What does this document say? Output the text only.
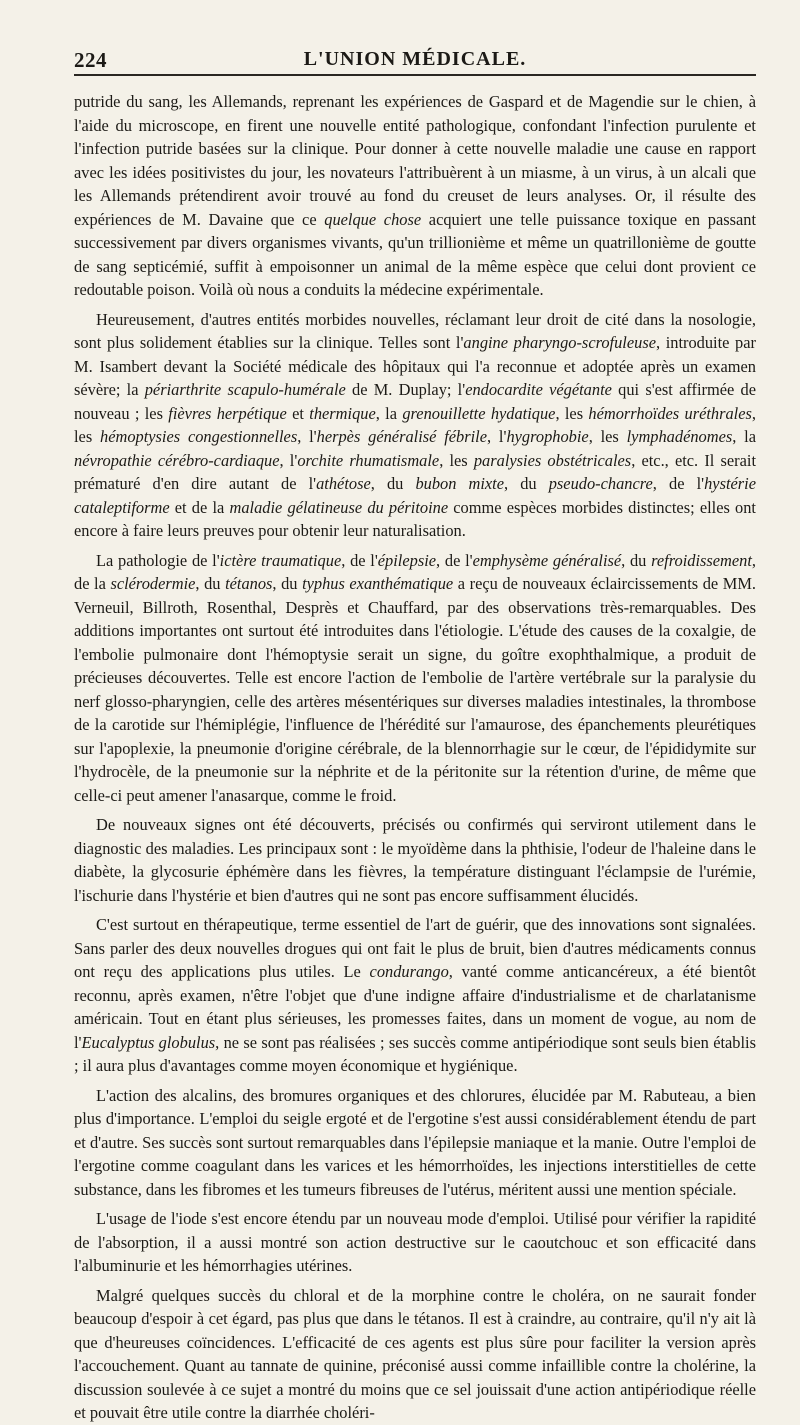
224	L'UNION MÉDICALE.

putride du sang, les Allemands, reprenant les expériences de Gaspard et de Magendie sur le chien, à l'aide du microscope, en firent une nouvelle entité pathologique, confondant l'infection purulente et l'infection putride basées sur la clinique. Pour donner à cette nouvelle maladie une cause en rapport avec les idées positivistes du jour, les novateurs l'attribuèrent à un miasme, à un virus, à un alcali que les Allemands prétendirent avoir trouvé au fond du creuset de leurs analyses. Or, il résulte des expériences de M. Davaine que ce quelque chose acquiert une telle puissance toxique en passant successivement par divers organismes vivants, qu'un trillionième et même un quatrillonième de goutte de sang septicémié, suffit à empoisonner un animal de la même espèce que celui dont provient ce redoutable poison. Voilà où nous a conduits la médecine expérimentale.

Heureusement, d'autres entités morbides nouvelles, réclamant leur droit de cité dans la nosologie, sont plus solidement établies sur la clinique. Telles sont l'angine pharyngo-scrofuleuse, introduite par M. Isambert devant la Société médicale des hôpitaux qui l'a reconnue et adoptée après un examen sévère; la périarthrite scapulo-humérale de M. Duplay; l'endocardite végétante qui s'est affirmée de nouveau ; les fièvres herpétique et thermique, la grenouillette hydatique, les hémorrhoïdes uréthrales, les hémoptysies congestionnelles, l'herpès généralisé fébrile, l'hygrophobie, les lymphadénomes, la névropathie cérébro-cardiaque, l'orchite rhumatismale, les paralysies obstétricales, etc., etc. Il serait prématuré d'en dire autant de l'athétose, du bubon mixte, du pseudo-chancre, de l'hystérie cataleptiforme et de la maladie gélatineuse du péritoine comme espèces morbides distinctes; elles ont encore à faire leurs preuves pour obtenir leur naturalisation.

La pathologie de l'ictère traumatique, de l'épilepsie, de l'emphysème généralisé, du refroidissement, de la sclérodermie, du tétanos, du typhus exanthématique a reçu de nouveaux éclaircissements de MM. Verneuil, Billroth, Rosenthal, Desprès et Chauffard, par des observations très-remarquables. Des additions importantes ont surtout été introduites dans l'étiologie. L'étude des causes de la coxalgie, de l'embolie pulmonaire dont l'hémoptysie serait un signe, du goître exophthalmique, a produit de précieuses découvertes. Telle est encore l'action de l'embolie de l'artère vertébrale sur la paralysie du nerf glosso-pharyngien, celle des artères mésentériques sur diverses maladies intestinales, la thrombose de la carotide sur l'hémiplégie, l'influence de l'hérédité sur l'amaurose, des épanchements pleurétiques sur l'apoplexie, la pneumonie d'origine cérébrale, de la blennorrhagie sur le cœur, de l'épididymite sur l'hydrocèle, de la pneumonie sur la néphrite et de la péritonite sur la rétention d'urine, de même que celle-ci peut amener l'anasarque, comme le froid.

De nouveaux signes ont été découverts, précisés ou confirmés qui serviront utilement dans le diagnostic des maladies. Les principaux sont : le myoïdème dans la phthisie, l'odeur de l'haleine dans le diabète, la glycosurie éphémère dans les fièvres, la température distinguant l'éclampsie de l'urémie, l'ischurie dans l'hystérie et bien d'autres qui ne sont pas encore suffisamment élucidés.

C'est surtout en thérapeutique, terme essentiel de l'art de guérir, que des innovations sont signalées. Sans parler des deux nouvelles drogues qui ont fait le plus de bruit, bien d'autres médicaments connus ont reçu des applications plus utiles. Le condurango, vanté comme anticancéreux, a été bientôt reconnu, après examen, n'être l'objet que d'une indigne affaire d'industrialisme et de charlatanisme américain. Tout en étant plus sérieuses, les promesses faites, dans un moment de vogue, au nom de l'Eucalyptus globulus, ne se sont pas réalisées ; ses succès comme antipériodique sont seuls bien établis ; il aura plus d'avantages comme moyen économique et hygiénique.

L'action des alcalins, des bromures organiques et des chlorures, élucidée par M. Rabuteau, a bien plus d'importance. L'emploi du seigle ergoté et de l'ergotine s'est aussi considérablement étendu de part et d'autre. Ses succès sont surtout remarquables dans l'épilepsie maniaque et la manie. Outre l'emploi de l'ergotine comme coagulant dans les varices et les hémorrhoïdes, les injections interstitielles de cette substance, dans les fibromes et les tumeurs fibreuses de l'utérus, méritent aussi une mention spéciale.

L'usage de l'iode s'est encore étendu par un nouveau mode d'emploi. Utilisé pour vérifier la rapidité de l'absorption, il a aussi montré son action destructive sur le caoutchouc et son efficacité dans l'albuminurie et les hémorrhagies utérines.

Malgré quelques succès du chloral et de la morphine contre le choléra, on ne saurait fonder beaucoup d'espoir à cet égard, pas plus que dans le tétanos. Il est à craindre, au contraire, qu'il n'y ait là que d'heureuses coïncidences. L'efficacité de ces agents est plus sûre pour faciliter la version après l'accouchement. Quant au tannate de quinine, préconisé aussi comme infaillible contre la cholérine, la discussion soulevée à ce sujet a montré du moins que ce sel jouissait d'une action antipériodique réelle et pouvait être utile contre la diarrhée choléri-
